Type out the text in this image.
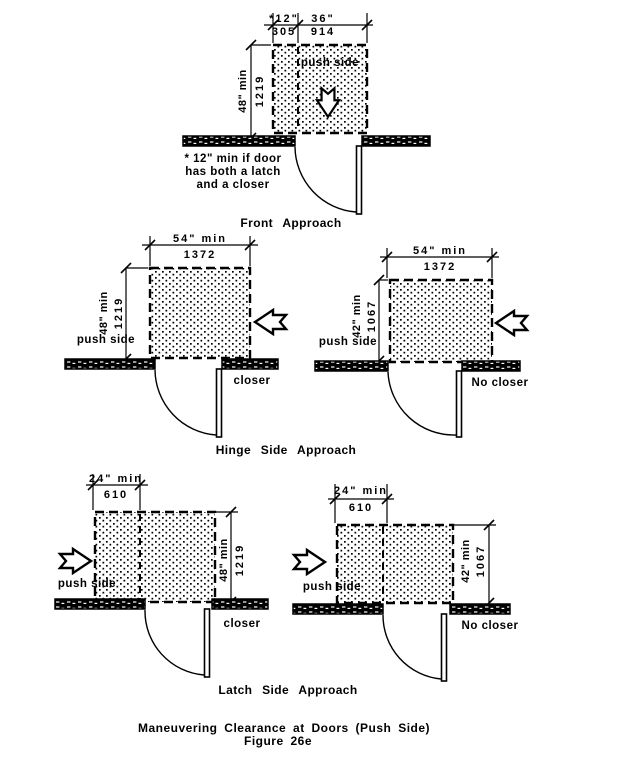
*12" 36"
305 914
48" min 1219
push side
* 12" min if door
has both a latch
and a closer
Front Approach
54" min
1372
48" min 1219
push side
closer
54" min
1372
42" min 1067
push side
No closer
Hinge Side Approach
24" min
610
48" min 1219
push side
closer
24" min
610
42" min 1067
push side
No closer
Latch Side Approach
Maneuvering Clearance at Doors (Push Side)
Figure 26e
